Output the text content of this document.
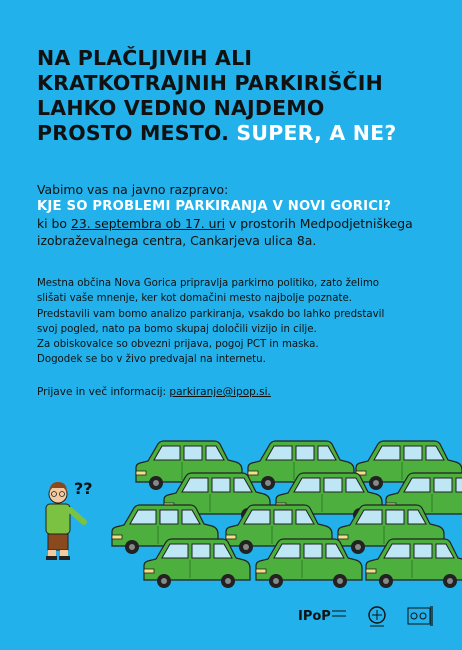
NA PLAČLJIVIH ALI
KRATKOTRAJNIH PARKIRIŠČIH
LAHKO VEDNO NAJDEMO
PROSTO MESTO. SUPER, A NE?
Vabimo vas na javno razpravo:
KJE SO PROBLEMI PARKIRANJA V NOVI GORICI?
ki bo 23. septembra ob 17. uri v prostorih Medpodjetniškega
izobraževalnega centra, Cankarjeva ulica 8a.
Mestna občina Nova Gorica pripravlja parkirno politiko, zato želimo
slišati vaše mnenje, ker kot domačini mesto najbolje poznate.
Predstavili vam bomo analizo parkiranja, vsakdo bo lahko predstavil
svoj pogled, nato pa bomo skupaj določili vizijo in cilje.
Za obiskovalce so obvezni prijava, pogoj PCT in maska.
Dogodek se bo v živo predvajal na internetu.
Prijave in več informacij: parkiranje@ipop.si.
??
IPoP
